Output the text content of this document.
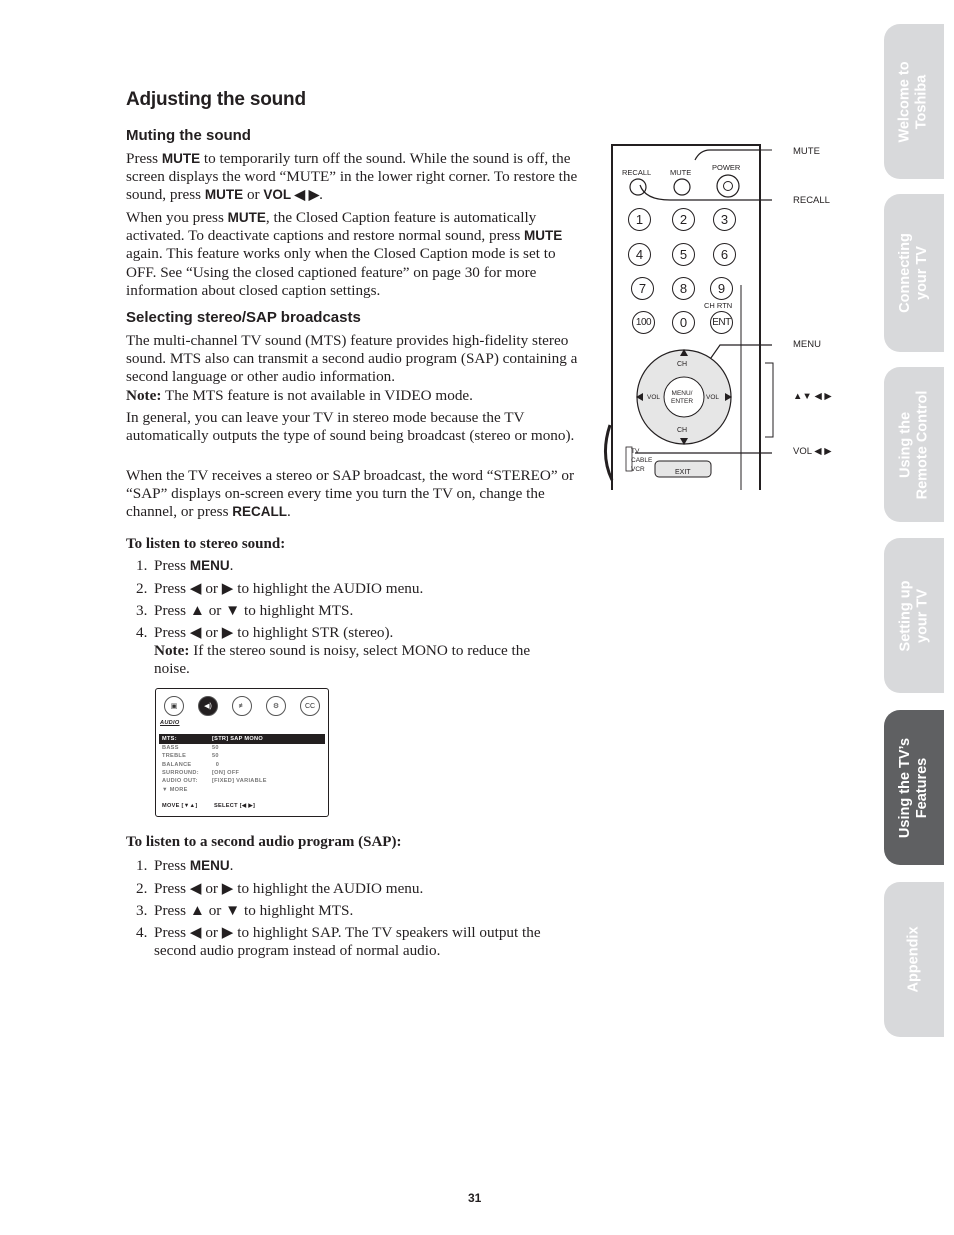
Adjusting the sound
Muting the sound

Press MUTE to temporarily turn off the sound. While the sound is off, the screen displays the word “MUTE” in the lower right corner. To restore the sound, press MUTE or VOL ◀ ▶.

When you press MUTE, the Closed Caption feature is automatically activated. To deactivate captions and restore normal sound, press MUTE again. This feature works only when the Closed Caption mode is set to OFF. See “Using the closed captioned feature” on page 30 for more information about closed caption settings.

Selecting stereo/SAP broadcasts

The multi-channel TV sound (MTS) feature provides high-fidelity stereo sound. MTS also can transmit a second audio program (SAP) containing a second language or other audio information.
Note: The MTS feature is not available in VIDEO mode.

In general, you can leave your TV in stereo mode because the TV automatically outputs the type of sound being broadcast (stereo or mono).

When the TV receives a stereo or SAP broadcast, the word “STEREO” or “SAP” displays on-screen every time you turn the TV on, change the channel, or press RECALL.

To listen to stereo sound:

1. Press MENU.
2. Press ◀ or ▶ to highlight the AUDIO menu.
3. Press ▲ or ▼ to highlight MTS.
4. Press ◀ or ▶ to highlight STR (stereo).
Note: If the stereo sound is noisy, select MONO to reduce the noise.
▣	◀)	≢	⚙	CC
AUDIO
MTS:	[STR] SAP MONO
BASS	50
TREBLE	50
BALANCE	0
SURROUND: [ON] OFF
AUDIO OUT:	[FIXED] VARIABLE
▼ MORE
MOVE [▼▲]	SELECT [◀ ▶]

To listen to a second audio program (SAP):

1. Press MENU.
2. Press ◀ or ▶ to highlight the AUDIO menu.
3. Press ▲ or ▼ to highlight MTS.
4. Press ◀ or ▶ to highlight SAP. The TV speakers will output the second audio program instead of normal audio.
RECALL	MUTE
POWER
1	2	3
4	5	6
7	8	9
CH RTN
100	0	ENT
CH
CH
VOL	VOL
MENU/
ENTER
EXIT
TV
CABLE
VCR
MUTE
RECALL
MENU
▲▼ ◀ ▶
VOL ◀ ▶
Welcome to
Toshiba
Connecting
your TV
Using the
Remote Control
Setting up
your TV
Using the TV’s
Features
Appendix
31
